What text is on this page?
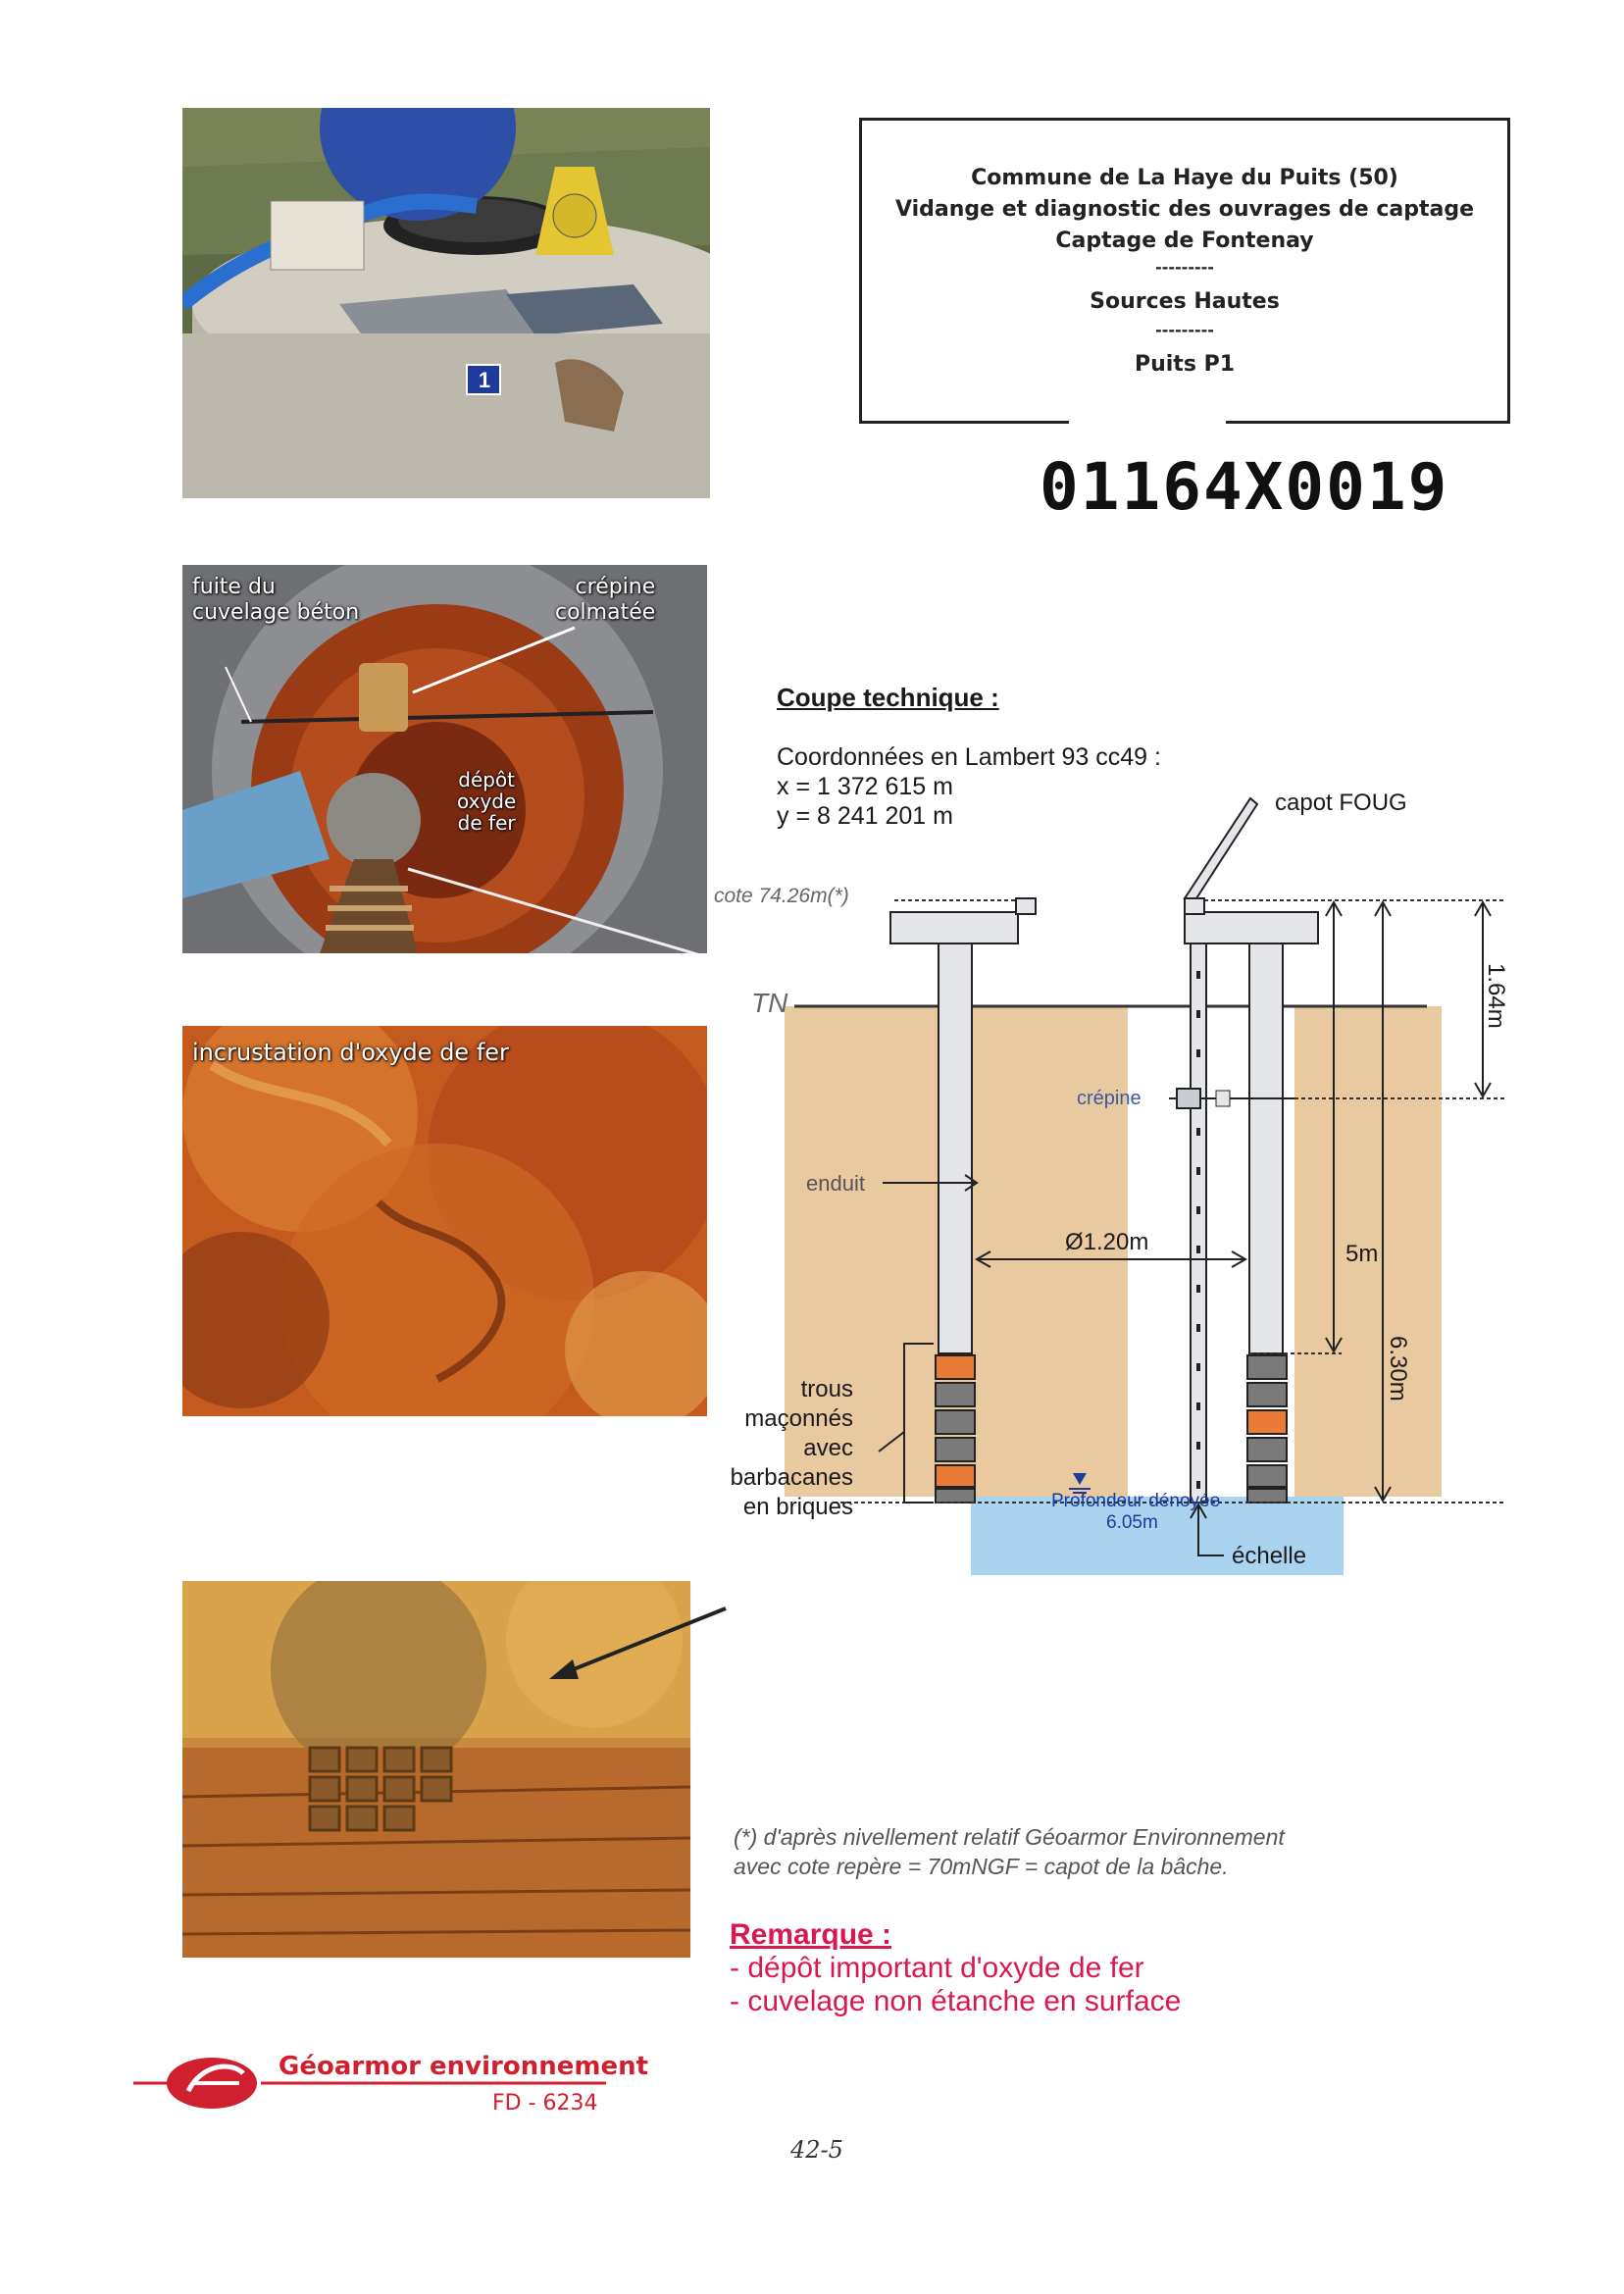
Commune de La Haye du Puits (50)
Vidange et diagnostic des ouvrages de captage
Captage de Fontenay
---------
Sources Hautes
---------
Puits P1
01164X0019
1
fuite du
cuvelage béton
crépine
colmatée
dépôt
oxyde
de fer
incrustation d'oxyde de fer
Coupe technique :
Coordonnées en Lambert 93 cc49 :
x = 1 372 615 m
y = 8 241 201 m	capot FOUG
cote 74.26m(*)
TN
crépine
enduit
Ø1.20m	5m
1.64m
6.30m
Profondeur dénoyée
6.05m
échelle
trous
maçonnés
avec
barbacanes
en briques
(*) d'après nivellement relatif Géoarmor Environnement
avec cote repère = 70mNGF = capot de la bâche.
Remarque :
- dépôt important d'oxyde de fer
- cuvelage non étanche en surface
Géoarmor environnement
FD - 6234
42-5
